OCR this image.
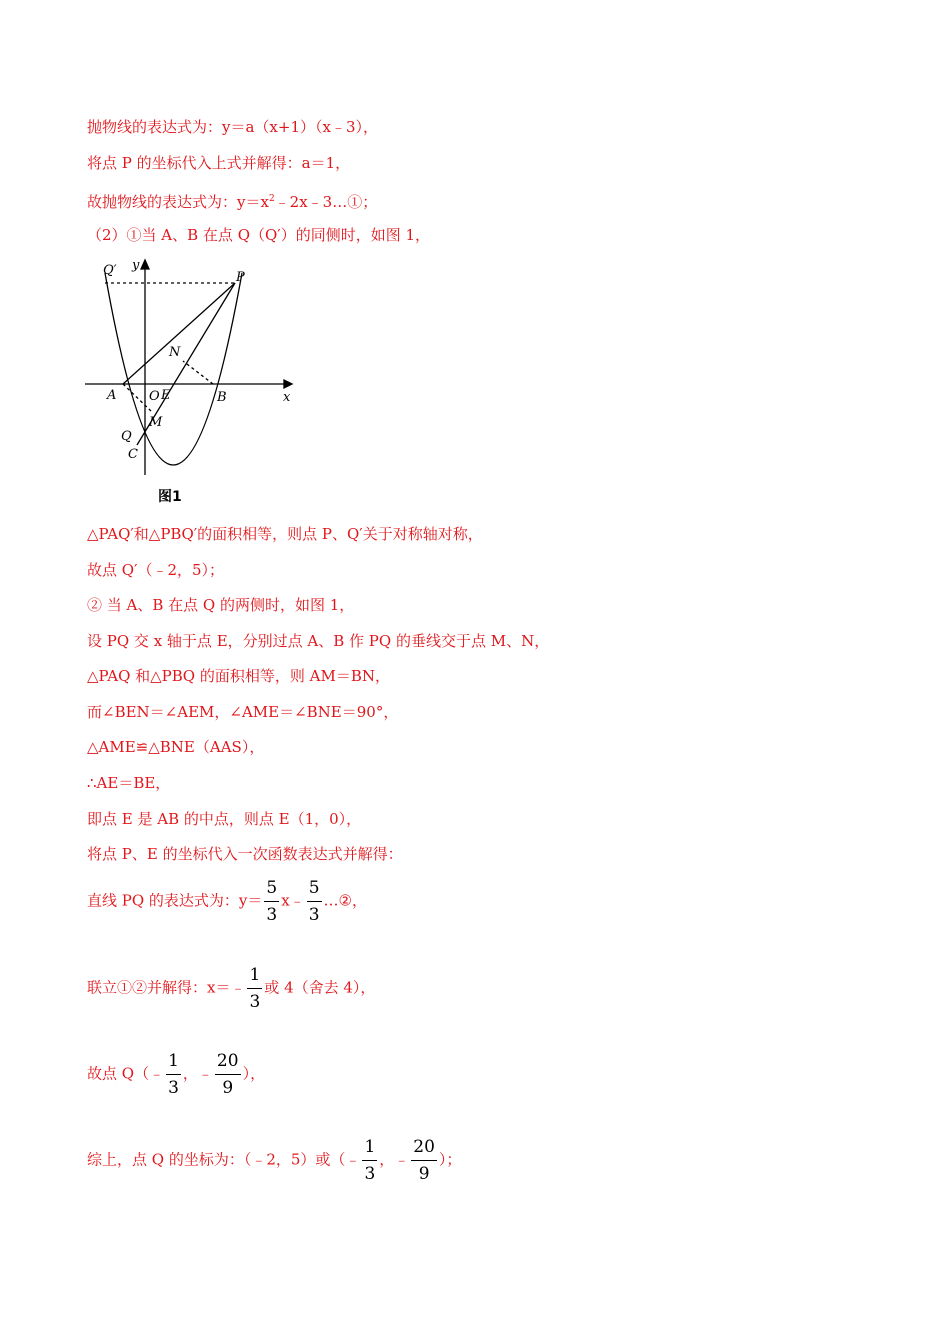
抛物线的表达式为：y＝a（x+1）（x﹣3），
将点 P 的坐标代入上式并解得：a＝1，
故抛物线的表达式为：$y=x^2﹣2x﹣3\dots ①$；
（2）①当 A、B 在点 Q（Q′）的同侧时，如图 1，
Q′ y
P
N
A	O E	B	x
M
Q
C
图1
△PAQ′和△PBQ′的面积相等，则点 P、Q′关于对称轴对称，
故点 Q′（﹣2，5）；
② 当 A、B 在点 Q 的两侧时，如图 1，
设 PQ 交 x 轴于点 E，分别过点 A、B 作 PQ 的垂线交于点 M、N，
△PAQ 和△PBQ 的面积相等，则 AM＝BN，
而∠BEN＝∠AEM，∠AME＝∠BNE＝90°，
△AME≌△BNE（AAS），
∴AE＝BE，
即点 E 是 AB 的中点，则点 E（1，0），
将点 P、E 的坐标代入一次函数表达式并解得：
直线 PQ 的表达式为：$y= \frac{5}{3}$ x﹣ $\frac{5}{3}$ …②，
联立①②并解得：x＝﹣ $\frac{1}{3}$ 或 4（舍去 4），
故点 Q（﹣ $\frac{1}{3}$ ，﹣ $\frac{20}{9}$ ），
综上，点 Q 的坐标为：（﹣2，5）或（﹣ $\frac{1}{3}$ ，﹣ $\frac{20}{9}$ ）；
